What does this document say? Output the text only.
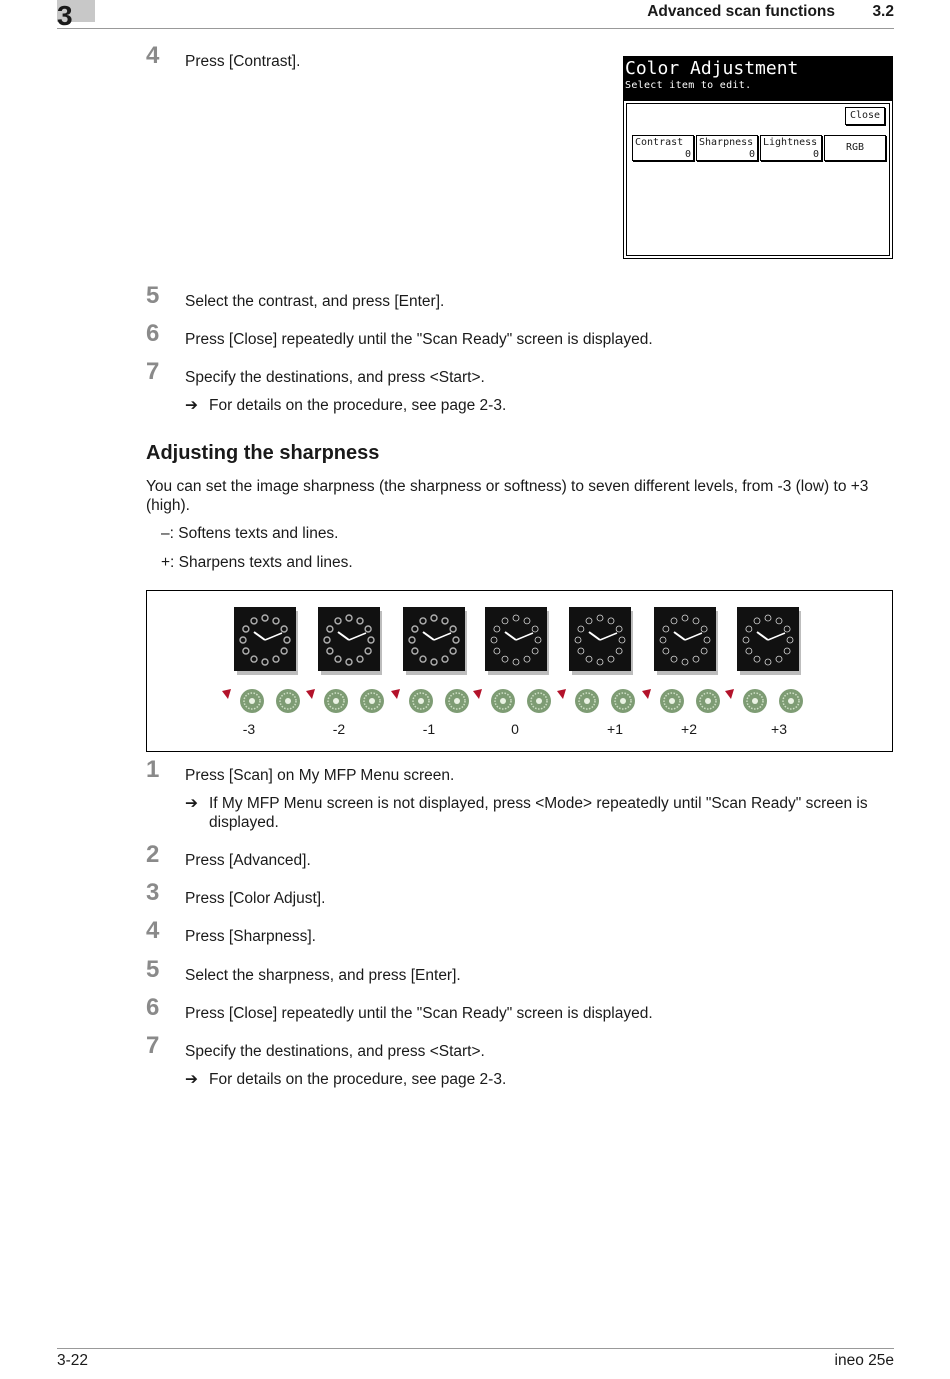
3	Advanced scan functions 3.2
4 Press [Contrast].	Color Adjustment
Select item to edit.
Close
Contrast
0
Sharpness
0
Lightness
0
RGB
5 Select the contrast, and press [Enter].
6 Press [Close] repeatedly until the "Scan Ready" screen is displayed.
7 Specify the destinations, and press <Start>.
➔ For details on the procedure, see page 2-3.
Adjusting the sharpness
You can set the image sharpness (the sharpness or softness) to seven different levels, from -3 (low) to +3 (high).
–: Softens texts and lines.
+: Sharpens texts and lines.
-3	-2	-1	0	+1	+2	+3
1 Press [Scan] on My MFP Menu screen.
➔ If My MFP Menu screen is not displayed, press <Mode> repeatedly until "Scan Ready" screen is displayed.
2 Press [Advanced].
3 Press [Color Adjust].
4 Press [Sharpness].
5 Select the sharpness, and press [Enter].
6 Press [Close] repeatedly until the "Scan Ready" screen is displayed.
7 Specify the destinations, and press <Start>.
➔ For details on the procedure, see page 2-3.
3-22	ineo 25e
